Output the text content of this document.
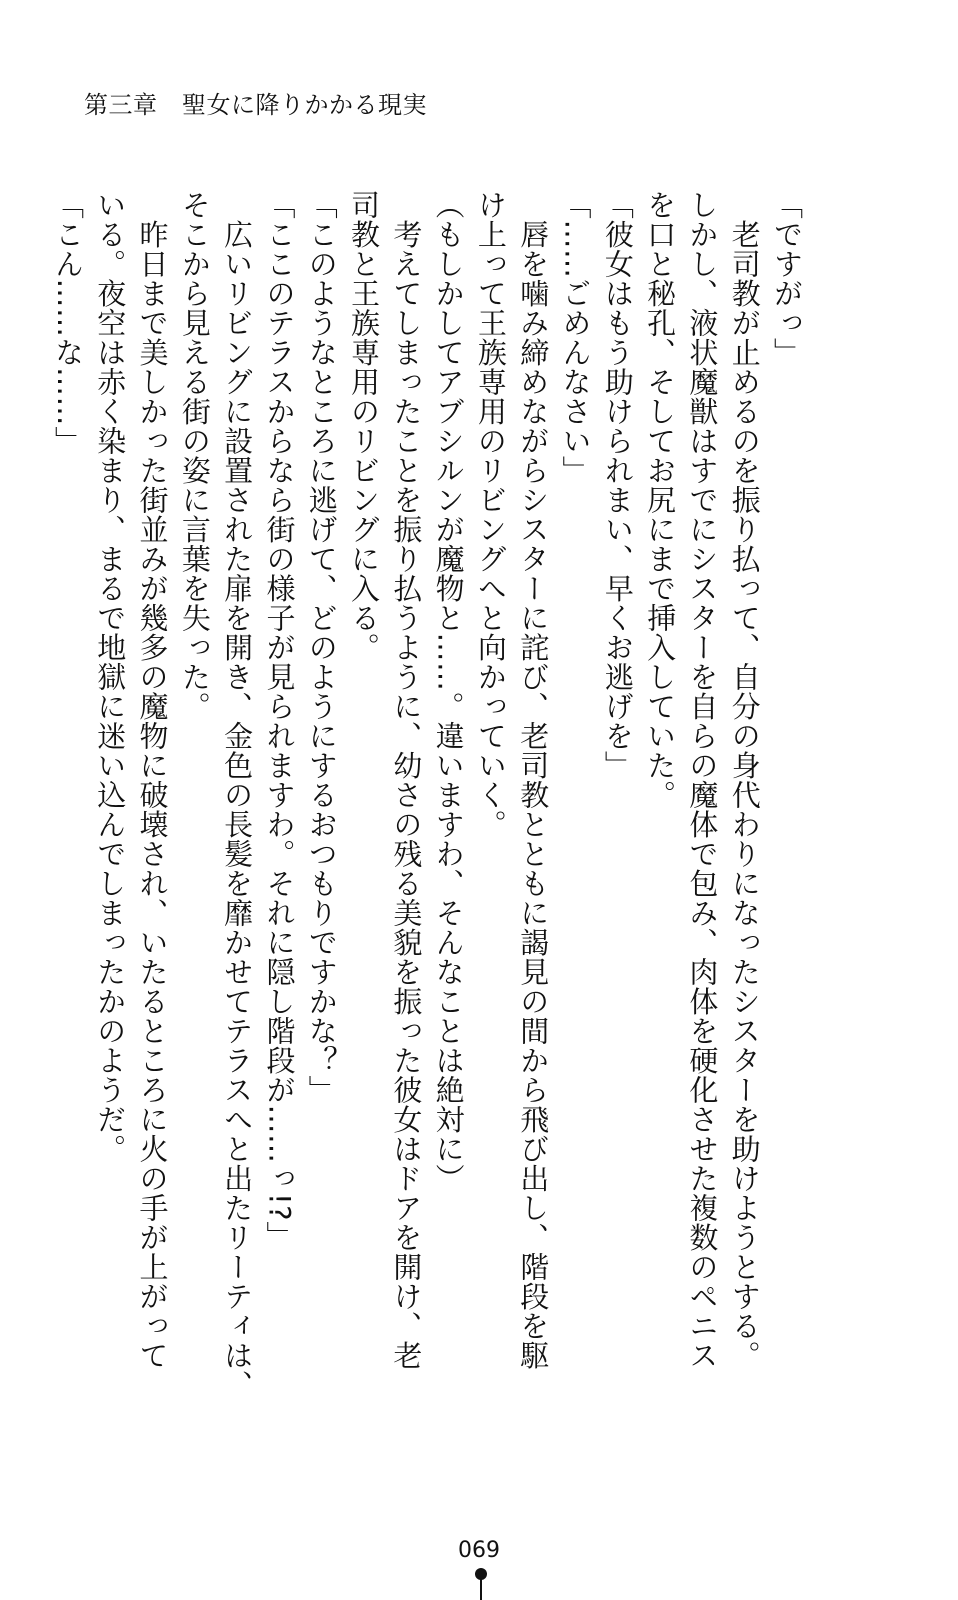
第三章　聖女に降りかかる現実
「ですがっ」
　老司教が止めるのを振り払って、自分の身代わりになったシスターを助けようとする。
しかし、液状魔獣はすでにシスターを自らの魔体で包み、肉体を硬化させた複数のペニス
を口と秘孔、そしてお尻にまで挿入していた。
「彼女はもう助けられまい、早くお逃げを」
「……ごめんなさい」
　唇を噛み締めながらシスターに詫び、老司教とともに謁見の間から飛び出し、階段を駆
け上って王族専用のリビングへと向かっていく。
（もしかしてアブシルンが魔物と……。違いますわ、そんなことは絶対に）
　考えてしまったことを振り払うように、幼さの残る美貌を振った彼女はドアを開け、老
司教と王族専用のリビングに入る。
「このようなところに逃げて、どのようにするおつもりですかな？」
「ここのテラスからなら街の様子が見られますわ。それに隠し階段が……っ!?」
　広いリビングに設置された扉を開き、金色の長髪を靡かせてテラスへと出たリーティは、
そこから見える街の姿に言葉を失った。
　昨日まで美しかった街並みが幾多の魔物に破壊され、いたるところに火の手が上がって
いる。夜空は赤く染まり、まるで地獄に迷い込んでしまったかのようだ。
「こん……な……」
069
